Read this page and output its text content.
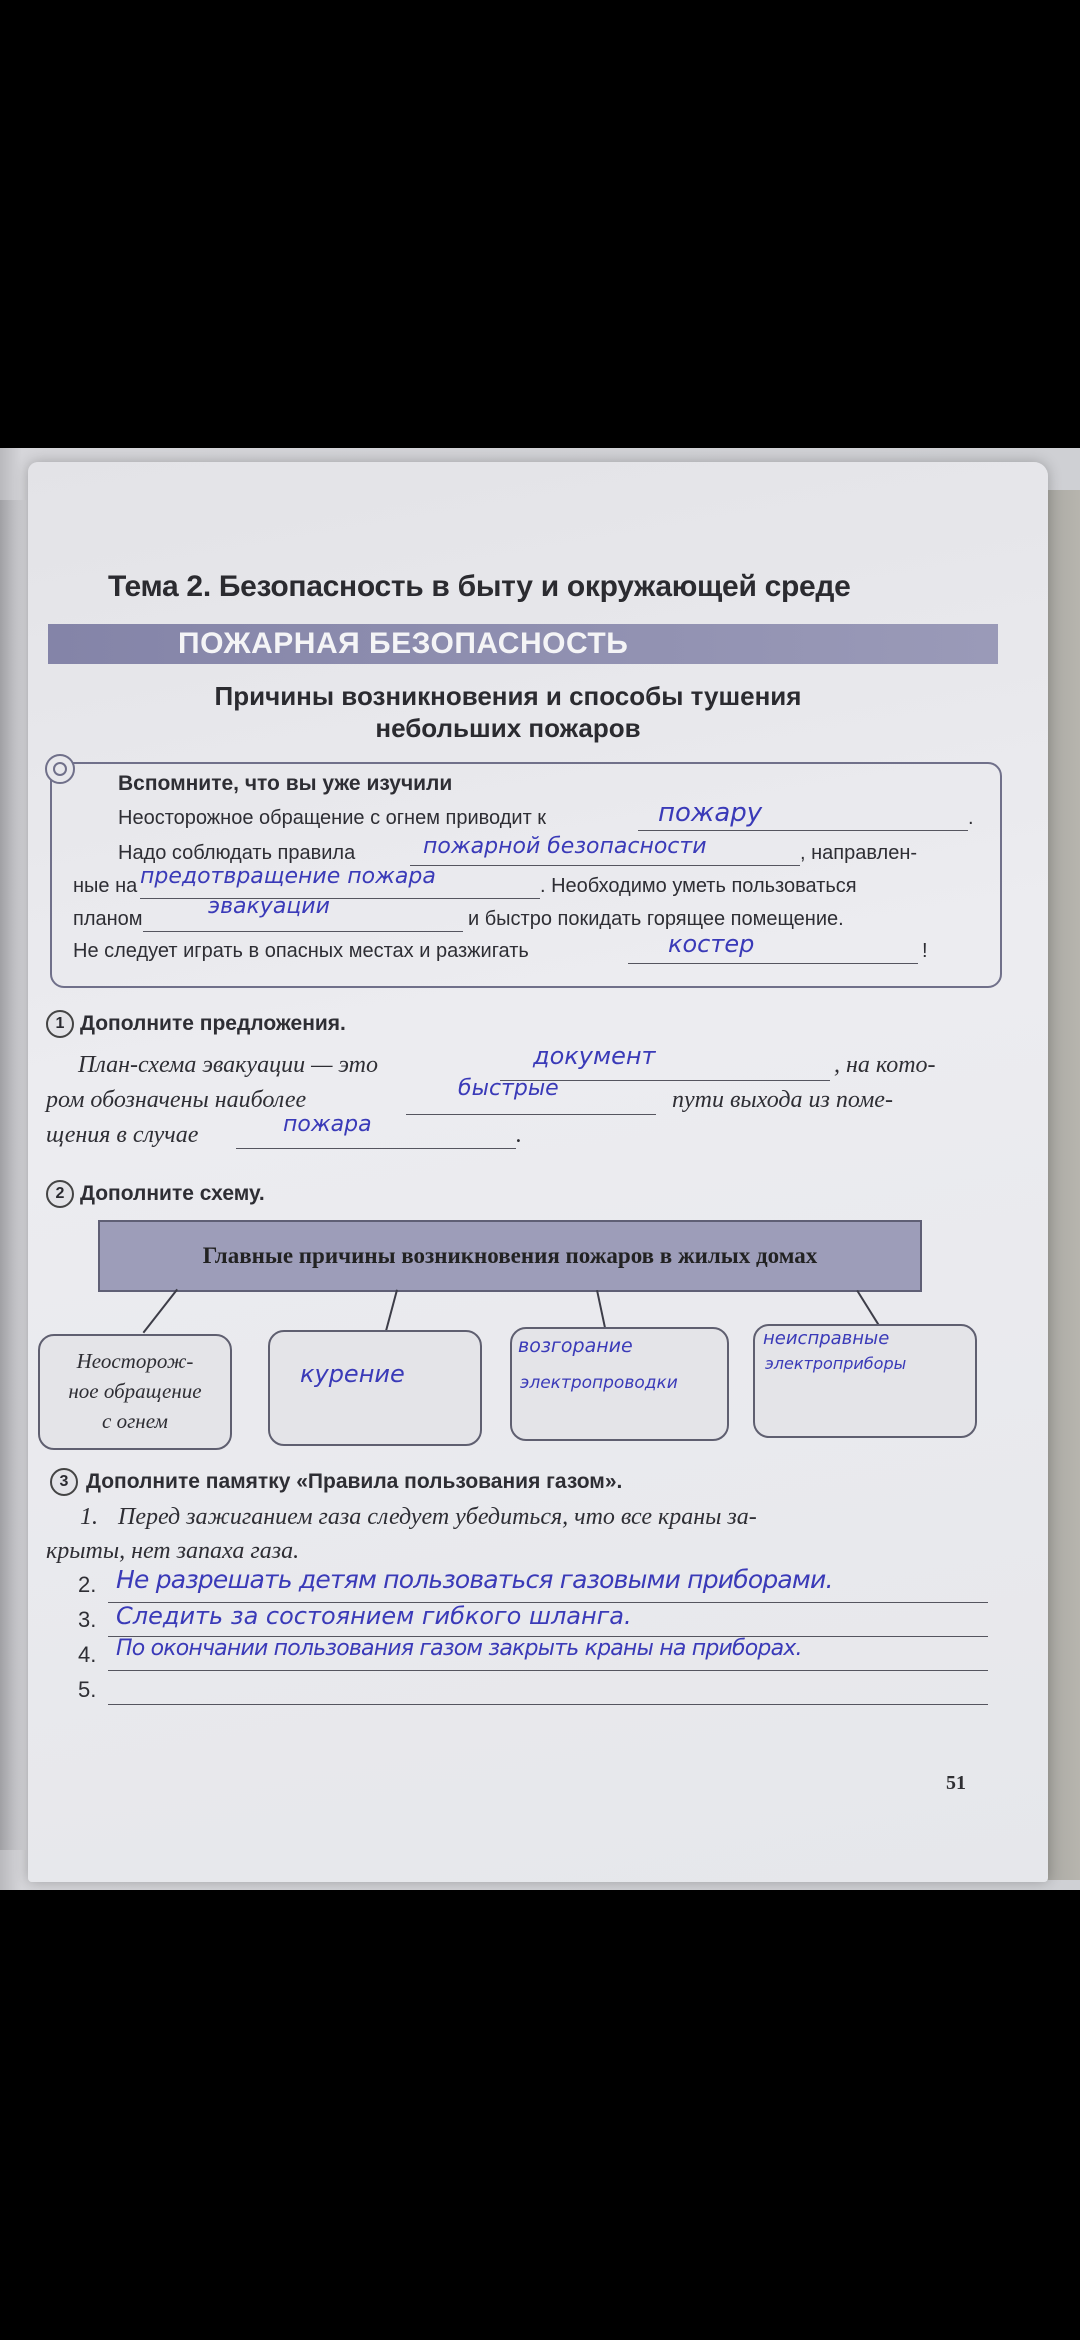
Тема 2. Безопасность в быту и окружающей среде
ПОЖАРНАЯ БЕЗОПАСНОСТЬ
Причины возникновения и способы тушения
небольших пожаров
Вспомните, что вы уже изучили
Неосторожное обращение с огнем приводит к	пожарy	.
Надо соблюдать правила	пожарной безопасности	, направлен-
ные на предотвращение пожара	. Необходимо уметь пользоваться
планом	эвакуации	и быстро покидать горящее помещение.
Не следует играть в опасных местах и разжигать	костер	!
1 Дополните предложения.
План-схема эвакуации — это	документ	, на кото-
ром обозначены наиболее	быстрые	пути выхода из поме-
щения в случае	пожара	.
2 Дополните схему.
Главные причины возникновения пожаров в жилых домах
Неосторож-
ное обращение
с огнем
курение
возгорание
электропроводки
неисправные
электроприборы
3 Дополните памятку «Правила пользования газом».
1. Перед зажиганием газа следует убедиться, что все краны за-
крыты, нет запаха газа.
2. Не разрешать детям пользоваться газовыми приборами.
3. Следить за состоянием гибкого шланга.
4. По окончании пользования газом закрыть краны на приборах.
5.
51
